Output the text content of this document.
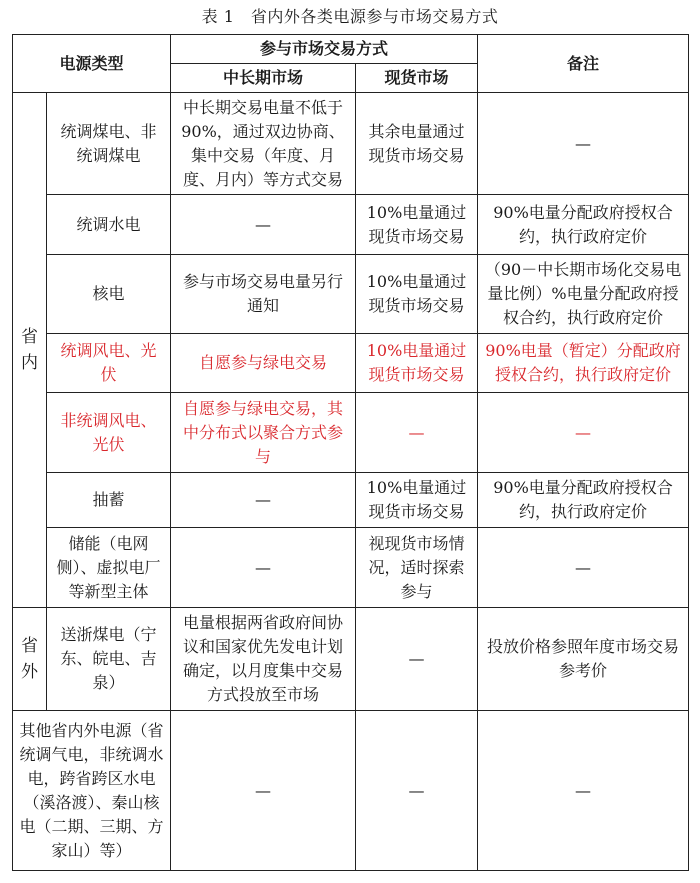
表 1　省内外各类电源参与市场交易方式
电源类型		参与市场交易方式		备注
		中长期市场	现货市场	

省
内	统调煤电、非统调煤电	中长期交易电量不低于90%，通过双边协商、集中交易（年度、月度、月内）等方式交易	其余电量通过现货市场交易	—
	统调水电	—	10%电量通过现货市场交易	90%电量分配政府授权合约，执行政府定价
	核电	参与市场交易电量另行通知	10%电量通过现货市场交易	（90－中长期市场化交易电量比例）%电量分配政府授权合约，执行政府定价
	统调风电、光伏	自愿参与绿电交易	10%电量通过现货市场交易	90%电量（暂定）分配政府授权合约，执行政府定价
	非统调风电、光伏	自愿参与绿电交易，其中分布式以聚合方式参与	—	—
	抽蓄	—	10%电量通过现货市场交易	90%电量分配政府授权合约，执行政府定价
	储能（电网侧）、虚拟电厂等新型主体	—	视现货市场情况，适时探索参与	—

省
外	送浙煤电（宁东、皖电、吉泉）	电量根据两省政府间协议和国家优先发电计划确定，以月度集中交易方式投放至市场	—	投放价格参照年度市场交易参考价
其他省内外电源（省统调气电，非统调水电，跨省跨区水电（溪洛渡）、秦山核电（二期、三期、方家山）等）		—	—	—
